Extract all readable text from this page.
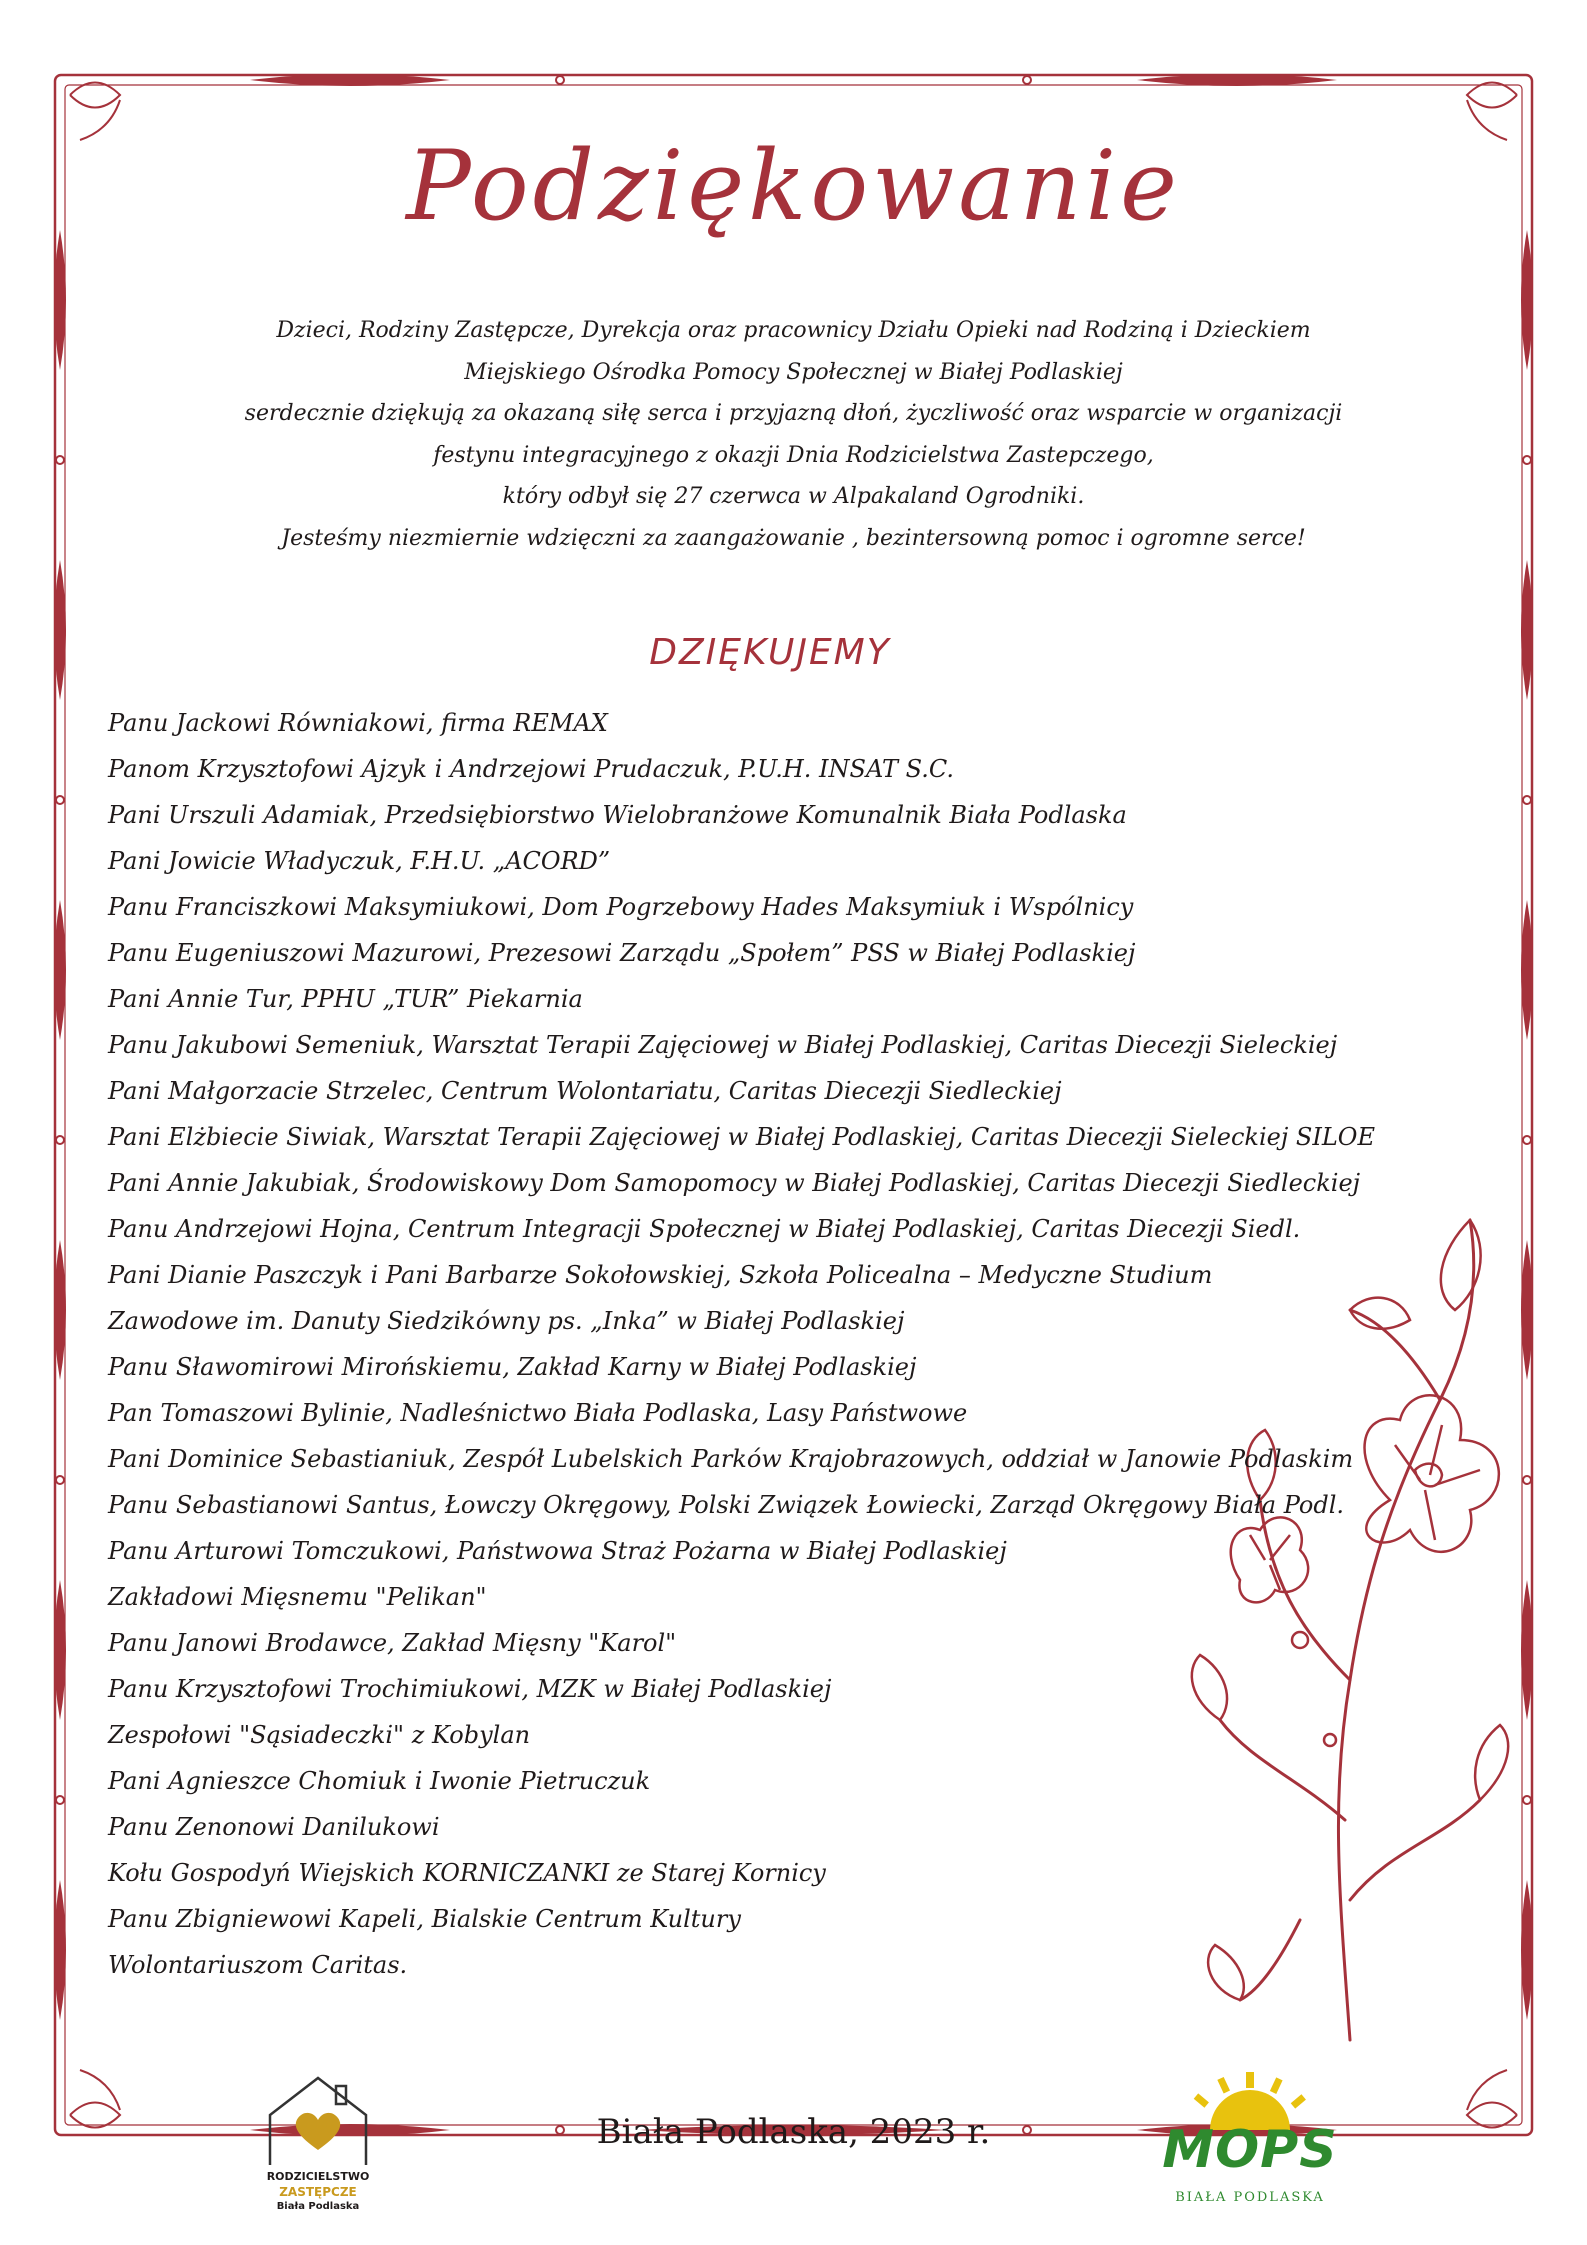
Podziękowanie
Dzieci, Rodziny Zastępcze, Dyrekcja oraz pracownicy Działu Opieki nad Rodziną i Dzieckiem
Miejskiego Ośrodka Pomocy Społecznej w Białej Podlaskiej
serdecznie dziękują za okazaną siłę serca i przyjazną dłoń, życzliwość oraz wsparcie w organizacji
festynu integracyjnego z okazji Dnia Rodzicielstwa Zastepczego,
który odbył się 27 czerwca w Alpakaland Ogrodniki.
Jesteśmy niezmiernie wdzięczni za zaangażowanie , bezintersowną pomoc i ogromne serce!
DZIĘKUJEMY
Panu Jackowi Równiakowi, firma REMAX
Panom Krzysztofowi Ajzyk i Andrzejowi Prudaczuk, P.U.H. INSAT S.C.
Pani Urszuli Adamiak, Przedsiębiorstwo Wielobranżowe Komunalnik Biała Podlaska
Pani Jowicie Władyczuk, F.H.U. „ACORD”
Panu Franciszkowi Maksymiukowi, Dom Pogrzebowy Hades Maksymiuk i Wspólnicy
Panu Eugeniuszowi Mazurowi, Prezesowi Zarządu „Społem” PSS w Białej Podlaskiej
Pani Annie Tur, PPHU „TUR” Piekarnia
Panu Jakubowi Semeniuk, Warsztat Terapii Zajęciowej w Białej Podlaskiej, Caritas Diecezji Sieleckiej
Pani Małgorzacie Strzelec, Centrum Wolontariatu, Caritas Diecezji Siedleckiej
Pani Elżbiecie Siwiak, Warsztat Terapii Zajęciowej w Białej Podlaskiej, Caritas Diecezji Sieleckiej SILOE
Pani Annie Jakubiak, Środowiskowy Dom Samopomocy w Białej Podlaskiej, Caritas Diecezji Siedleckiej
Panu Andrzejowi Hojna, Centrum Integracji Społecznej w Białej Podlaskiej, Caritas Diecezji Siedl.
Pani Dianie Paszczyk i Pani Barbarze Sokołowskiej, Szkoła Policealna – Medyczne Studium
Zawodowe im. Danuty Siedzikówny ps. „Inka” w Białej Podlaskiej
Panu Sławomirowi Mirońskiemu, Zakład Karny w Białej Podlaskiej
Pan Tomaszowi Bylinie, Nadleśnictwo Biała Podlaska, Lasy Państwowe
Pani Dominice Sebastianiuk, Zespół Lubelskich Parków Krajobrazowych, oddział w Janowie Podlaskim
Panu Sebastianowi Santus, Łowczy Okręgowy, Polski Związek Łowiecki, Zarząd Okręgowy Biała Podl.
Panu Arturowi Tomczukowi, Państwowa Straż Pożarna w Białej Podlaskiej
Zakładowi Mięsnemu "Pelikan"
Panu Janowi Brodawce, Zakład Mięsny "Karol"
Panu Krzysztofowi Trochimiukowi, MZK w Białej Podlaskiej
Zespołowi "Sąsiadeczki" z Kobylan
Pani Agnieszce Chomiuk i Iwonie Pietruczuk
Panu Zenonowi Danilukowi
Kołu Gospodyń Wiejskich KORNICZANKI ze Starej Kornicy
Panu Zbigniewowi Kapeli, Bialskie Centrum Kultury
Wolontariuszom Caritas.
Biała Podlaska, 2023 r.
RODZICIELSTWO
ZASTĘPCZE
Biała Podlaska
MOPS
BIAŁA PODLASKA
